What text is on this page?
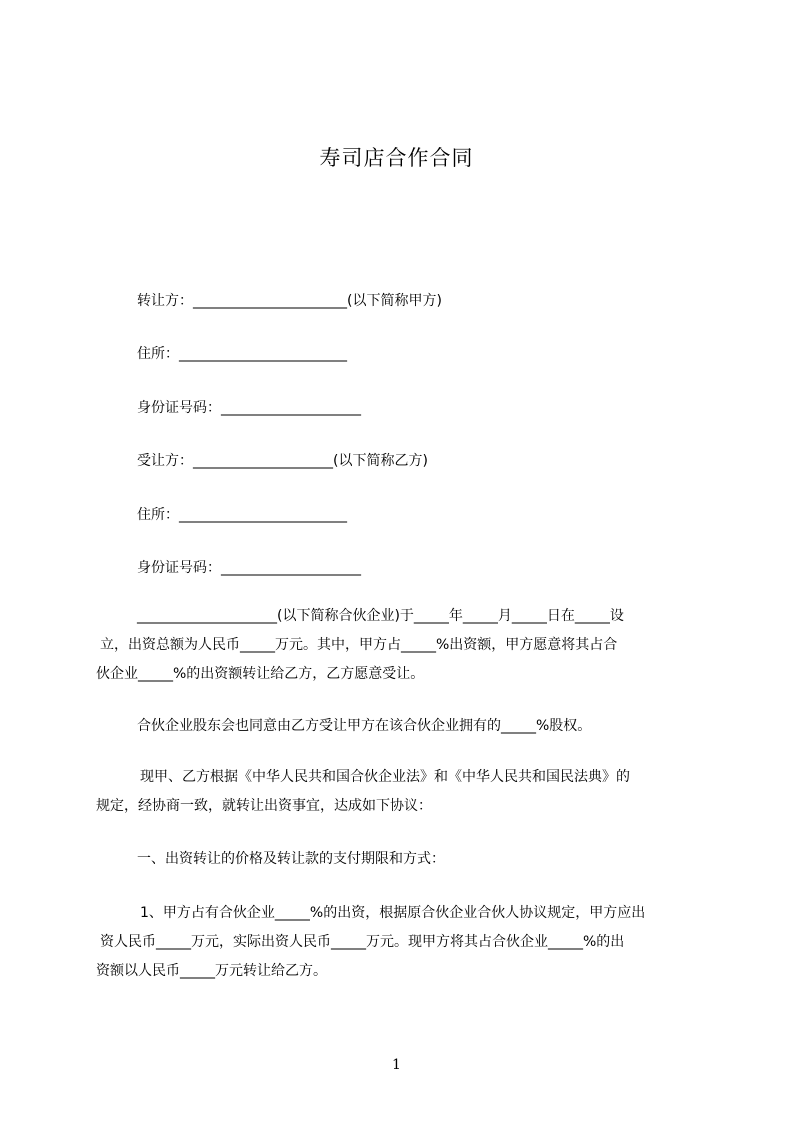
寿司店合作合同
转让方：______________________(以下简称甲方)
住所：________________________
身份证号码：____________________
受让方：____________________(以下简称乙方)
住所：________________________
身份证号码：____________________

____________________(以下简称合伙企业)于_____年_____月_____日在_____设

立，出资总额为人民币_____万元。其中，甲方占_____%出资额，甲方愿意将其占合

伙企业_____%的出资额转让给乙方，乙方愿意受让。

合伙企业股东会也同意由乙方受让甲方在该合伙企业拥有的_____%股权。

现甲、乙方根据《中华人民共和国合伙企业法》和《中华人民共和国民法典》的

规定，经协商一致，就转让出资事宜，达成如下协议：

一、出资转让的价格及转让款的支付期限和方式：

1、甲方占有合伙企业_____%的出资，根据原合伙企业合伙人协议规定，甲方应出

资人民币_____万元，实际出资人民币_____万元。现甲方将其占合伙企业_____%的出

资额以人民币_____万元转让给乙方。

1
